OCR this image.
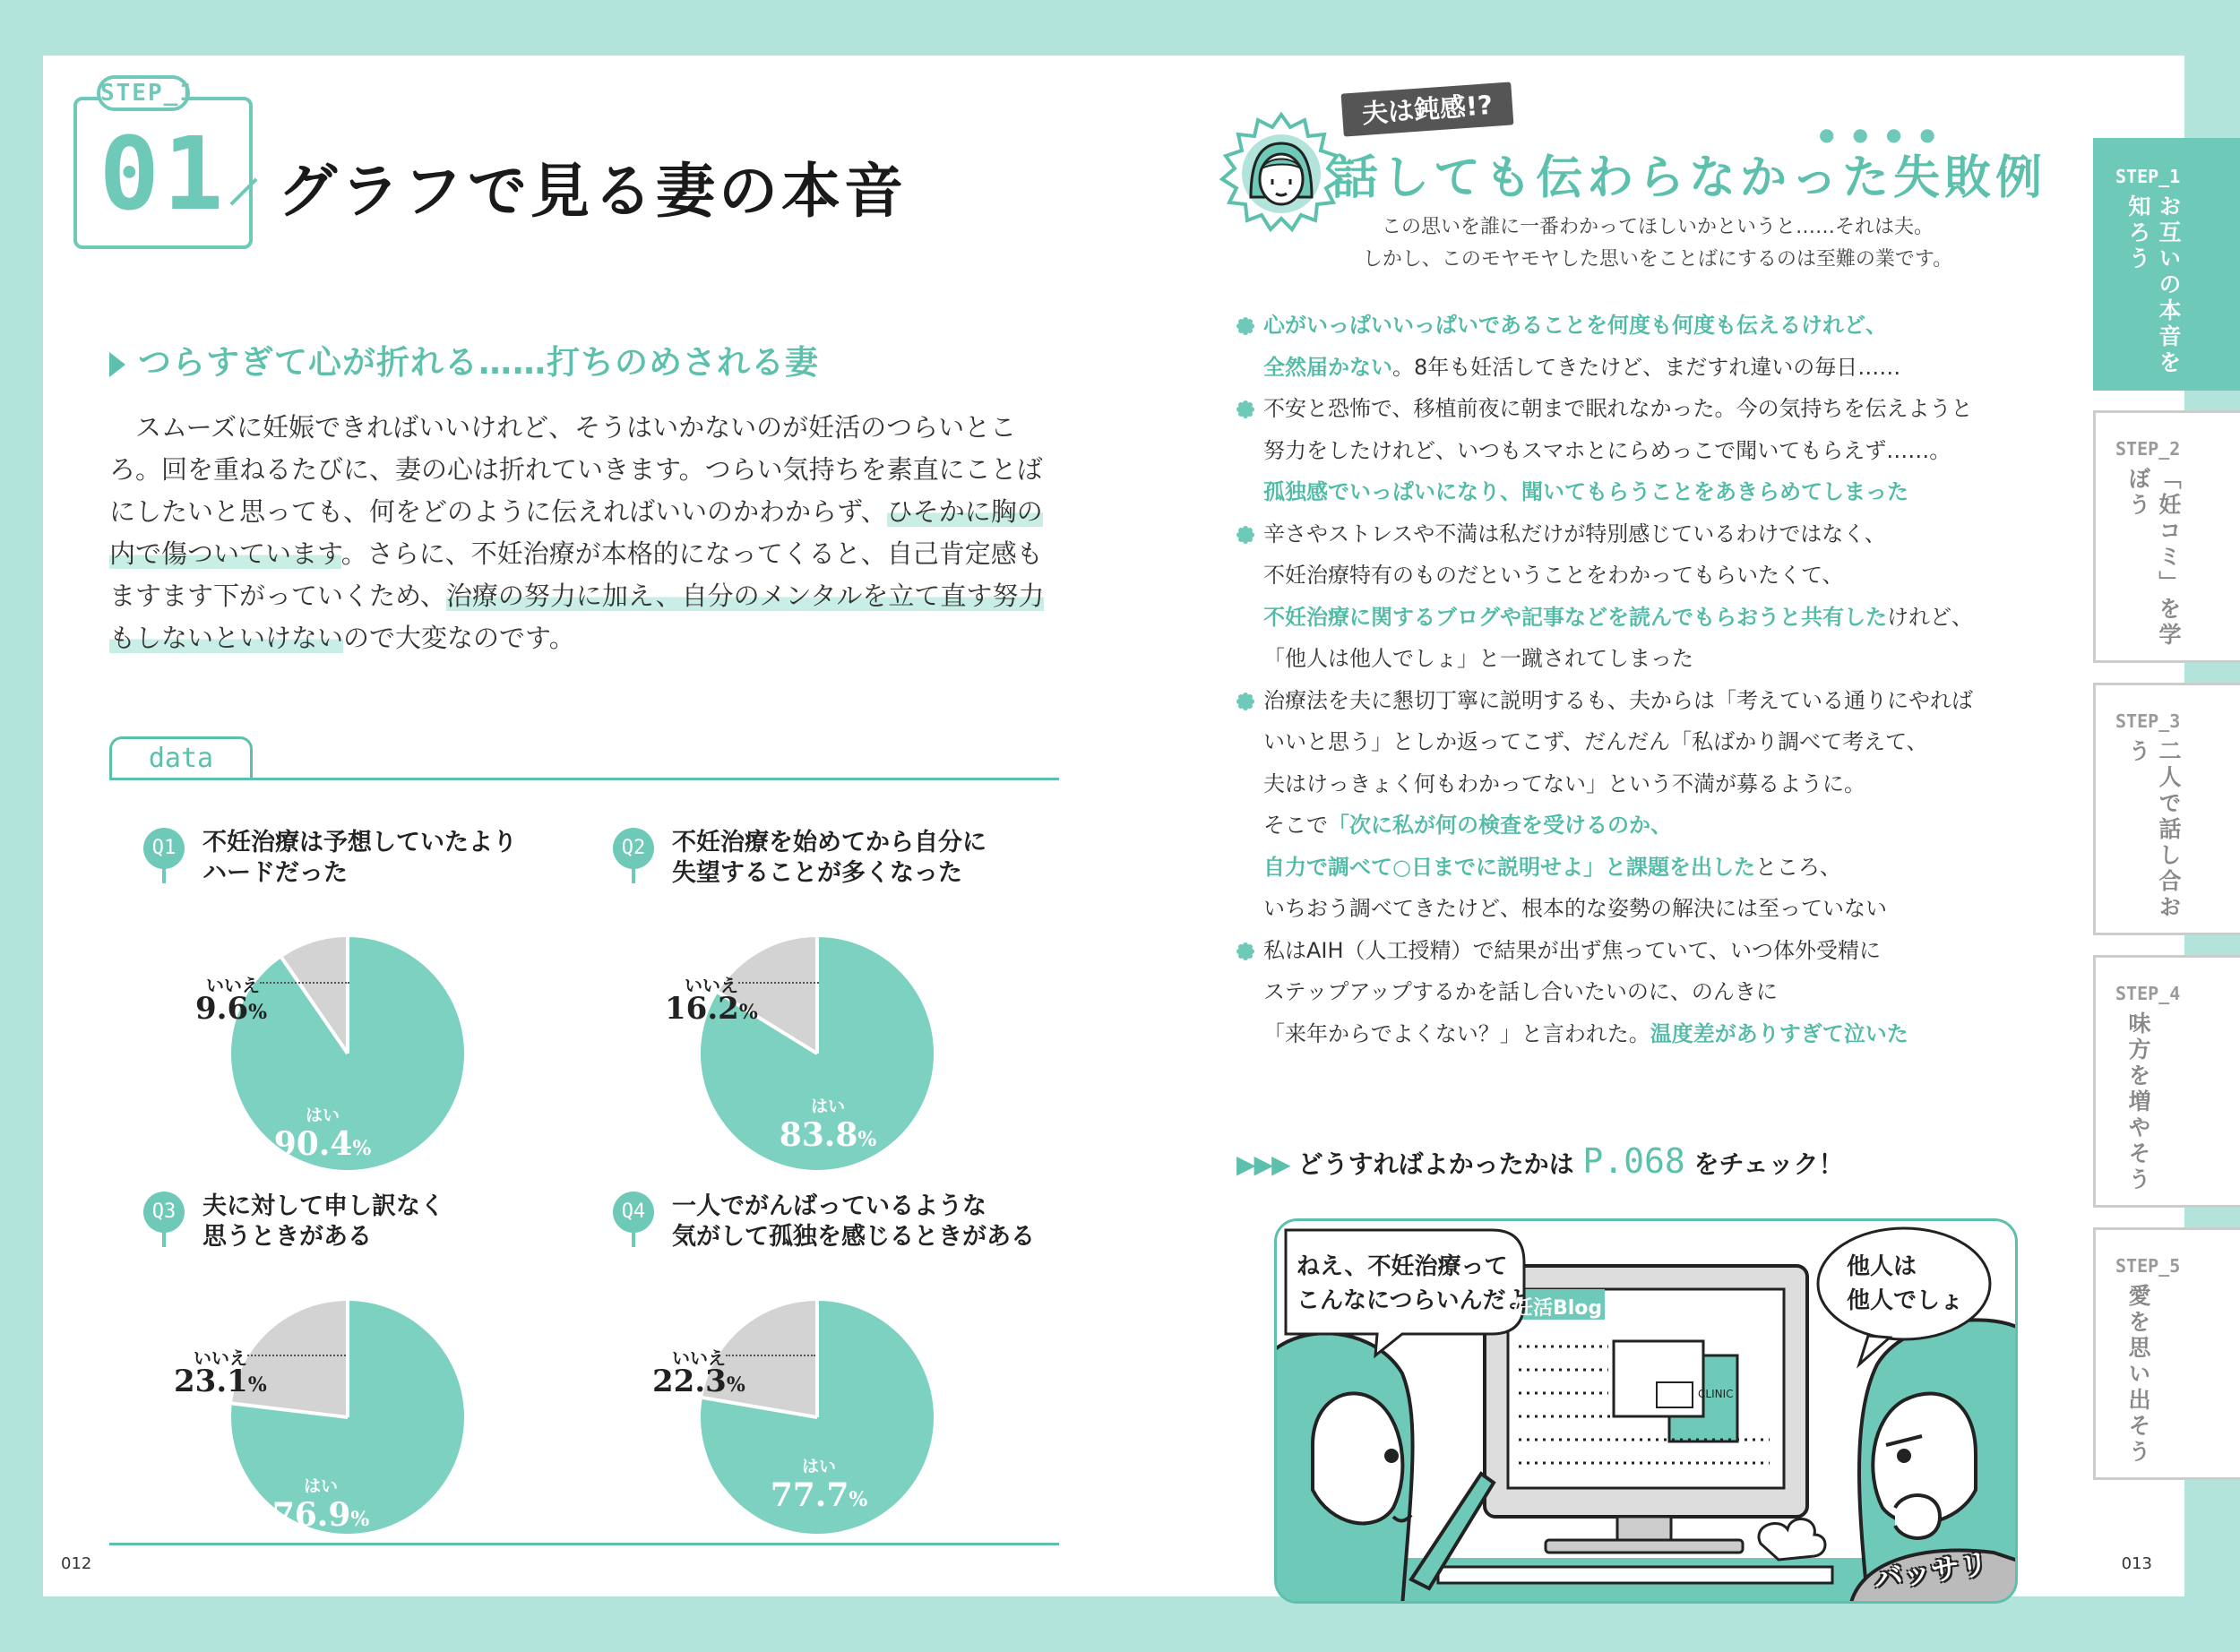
STEP_1
01 グラフで見る妻の本音
つらすぎて心が折れる……打ちのめされる妻
　スムーズに妊娠できればいいけれど、そうはいかないのが妊活のつらいところ。回を重ねるたびに、妻の心は折れていきます。つらい気持ちを素直にことばにしたいと思っても、何をどのように伝えればいいのかわからず、ひそかに胸の内で傷ついています。さらに、不妊治療が本格的になってくると、自己肯定感もますます下がっていくため、治療の努力に加え、自分のメンタルを立て直す努力もしないといけないので大変なのです。
data
Q1	不妊治療は予想していたより
ハードだった
いいえ
9.6%
はい
90.4%
Q2	不妊治療を始めてから自分に
失望することが多くなった
いいえ
16.2%
はい
83.8%
Q3	夫に対して申し訳なく
思うときがある
いいえ
23.1%
はい
76.9%
Q4	一人でがんばっているような
気がして孤独を感じるときがある
いいえ
22.3%
はい
77.7%
012
夫は鈍感!?
●●●●
話しても伝わらなかった失敗例
この思いを誰に一番わかってほしいかというと……それは夫。
しかし、このモヤモヤした思いをことばにするのは至難の業です。
心がいっぱいいっぱいであることを何度も何度も伝えるけれど、
全然届かない。8年も妊活してきたけど、まだすれ違いの毎日……
不安と恐怖で、移植前夜に朝まで眠れなかった。今の気持ちを伝えようと
努力をしたけれど、いつもスマホとにらめっこで聞いてもらえず……。
孤独感でいっぱいになり、聞いてもらうことをあきらめてしまった
辛さやストレスや不満は私だけが特別感じているわけではなく、
不妊治療特有のものだということをわかってもらいたくて、
不妊治療に関するブログや記事などを読んでもらおうと共有したけれど、
「他人は他人でしょ」と一蹴されてしまった
治療法を夫に懇切丁寧に説明するも、夫からは「考えている通りにやれば
いいと思う」としか返ってこず、だんだん「私ばかり調べて考えて、
夫はけっきょく何もわかってない」という不満が募るように。
そこで「次に私が何の検査を受けるのか、
自力で調べて○日までに説明せよ」と課題を出したところ、
いちおう調べてきたけど、根本的な姿勢の解決には至っていない
私はAIH（人工授精）で結果が出ず焦っていて、いつ体外受精に
ステップアップするかを話し合いたいのに、のんきに
「来年からでよくない？」と言われた。温度差がありすぎて泣いた
▶▶▶ どうすればよかったかは P.068 をチェック！
ねえ、不妊治療って
こんなにつらいんだよ
他人は
他人でしょ
妊活Blog
CLINIC
バッサリ	013
STEP_1
お互いの本音を知ろう
STEP_2
「妊コミ」を学ぼう
STEP_3
二人で話し合おう
STEP_4
味方を増やそう
STEP_5
愛を思い出そう
